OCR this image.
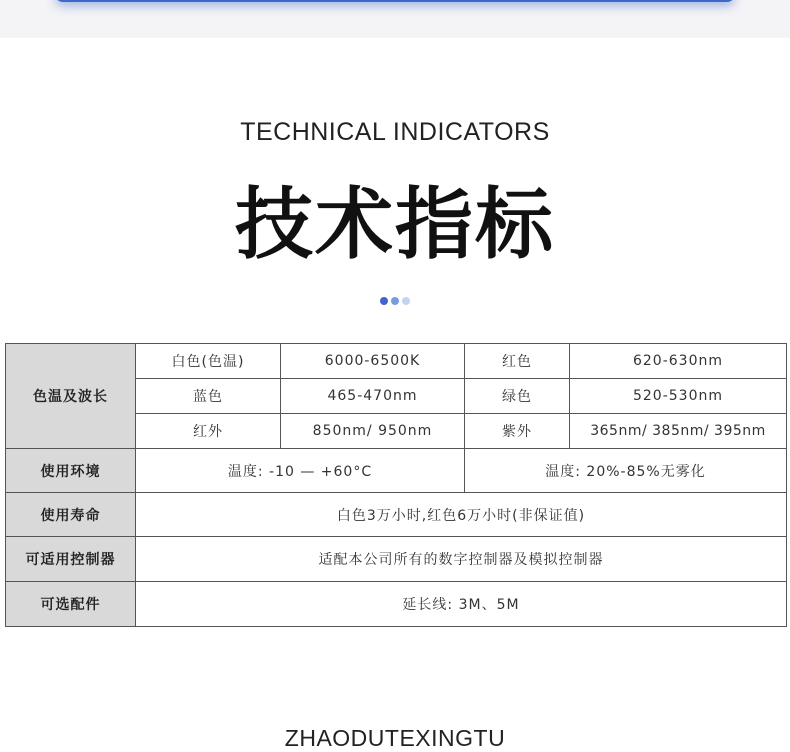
TECHNICAL INDICATORS
技术指标
色温及波长	白色(色温)	6000-6500K	红色	620-630nm
	蓝色	465-470nm	绿色	520-530nm
	红外	850nm/ 950nm	紫外	365nm/ 385nm/ 395nm
使用环境	温度: -10 — +60°C		温度: 20%-85%无雾化	
使用寿命	白色3万小时,红色6万小时(非保证值)			
可适用控制器	适配本公司所有的数字控制器及模拟控制器			
可选配件	延长线: 3M、5M			
ZHAODUTEXINGTU
